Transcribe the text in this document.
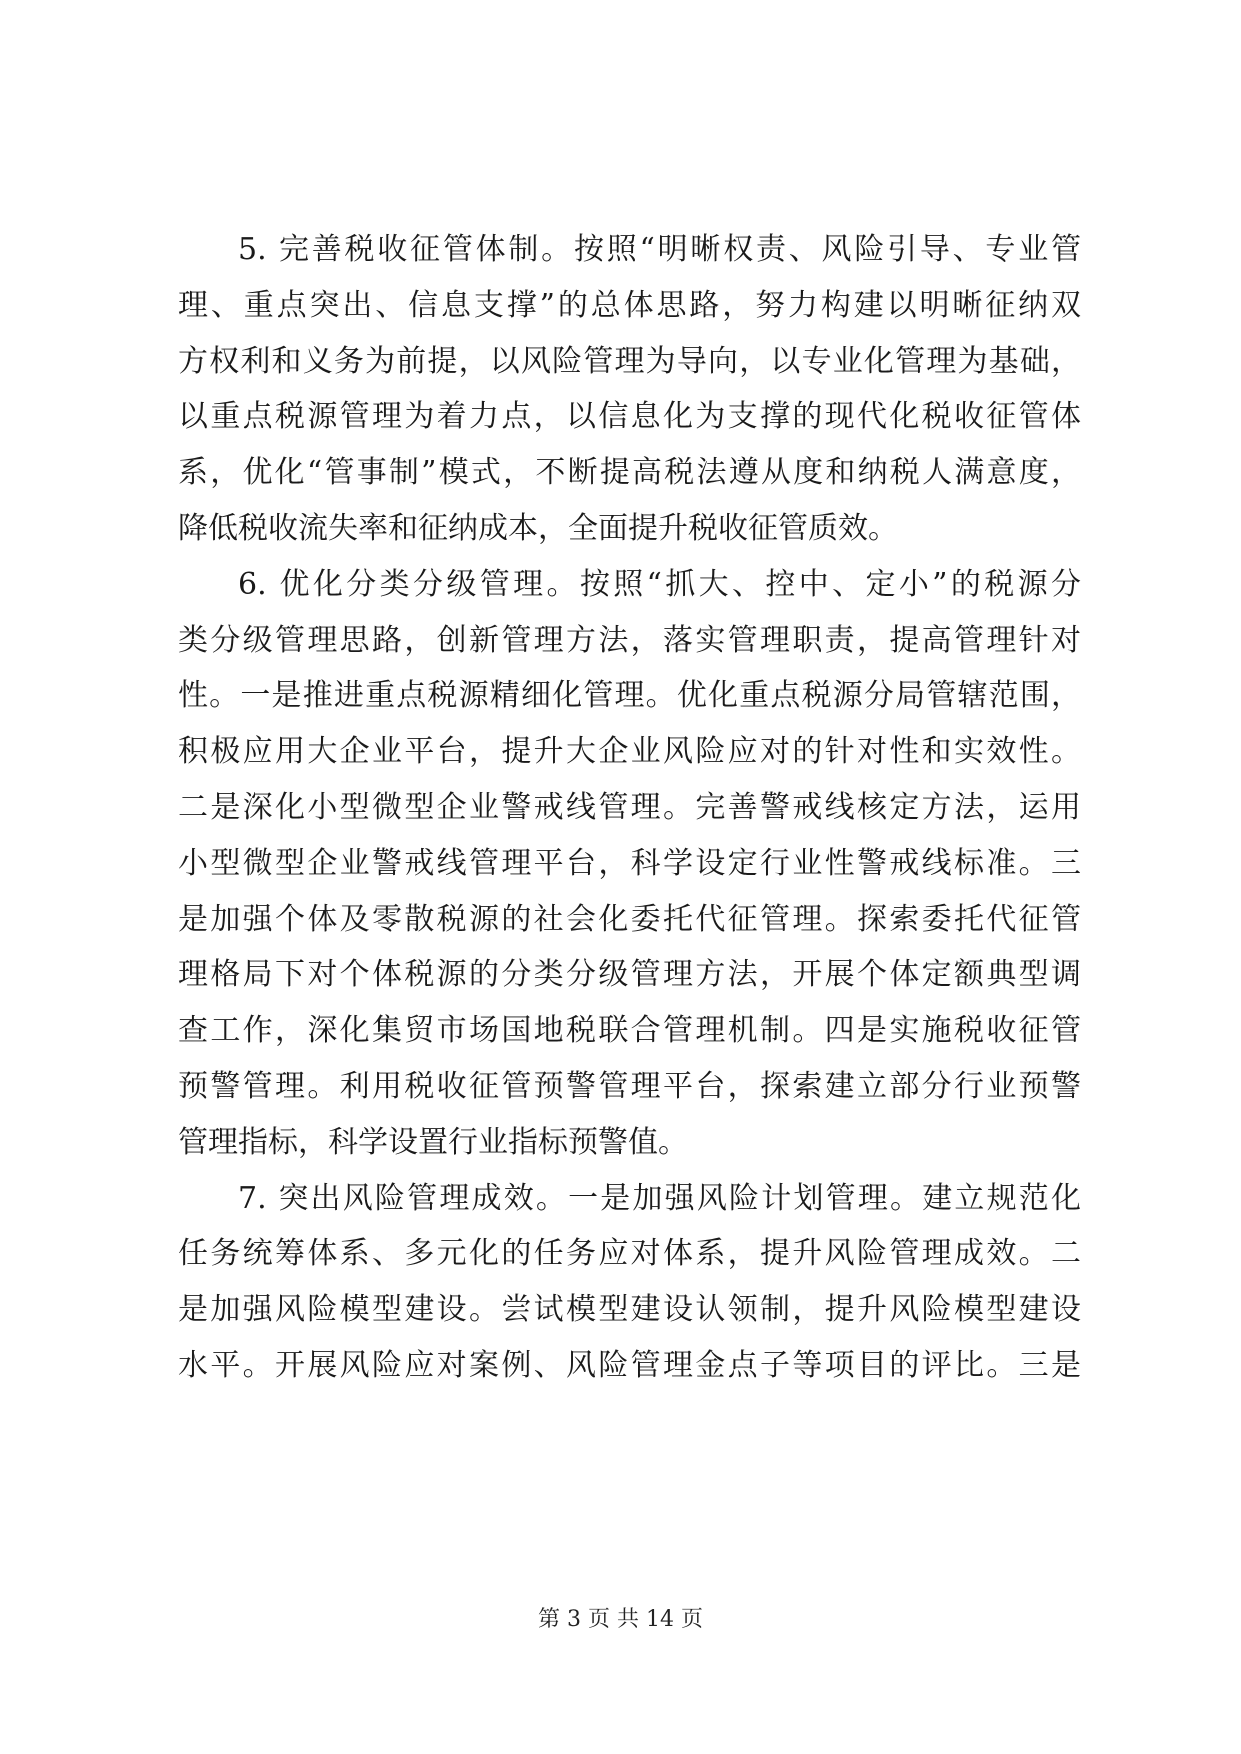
5. 完善税收征管体制。按照“明晰权责、风险引导、专业管
理、重点突出、信息支撑”的总体思路，努力构建以明晰征纳双
方权利和义务为前提，以风险管理为导向，以专业化管理为基础，
以重点税源管理为着力点，以信息化为支撑的现代化税收征管体
系，优化“管事制”模式，不断提高税法遵从度和纳税人满意度，
降低税收流失率和征纳成本，全面提升税收征管质效。
6. 优化分类分级管理。按照“抓大、控中、定小”的税源分
类分级管理思路，创新管理方法，落实管理职责，提高管理针对
性。一是推进重点税源精细化管理。优化重点税源分局管辖范围，
积极应用大企业平台，提升大企业风险应对的针对性和实效性。
二是深化小型微型企业警戒线管理。完善警戒线核定方法，运用
小型微型企业警戒线管理平台，科学设定行业性警戒线标准。三
是加强个体及零散税源的社会化委托代征管理。探索委托代征管
理格局下对个体税源的分类分级管理方法，开展个体定额典型调
查工作，深化集贸市场国地税联合管理机制。四是实施税收征管
预警管理。利用税收征管预警管理平台，探索建立部分行业预警
管理指标，科学设置行业指标预警值。
7. 突出风险管理成效。一是加强风险计划管理。建立规范化
任务统筹体系、多元化的任务应对体系，提升风险管理成效。二
是加强风险模型建设。尝试模型建设认领制，提升风险模型建设
水平。开展风险应对案例、风险管理金点子等项目的评比。三是
第 3 页 共 14 页
